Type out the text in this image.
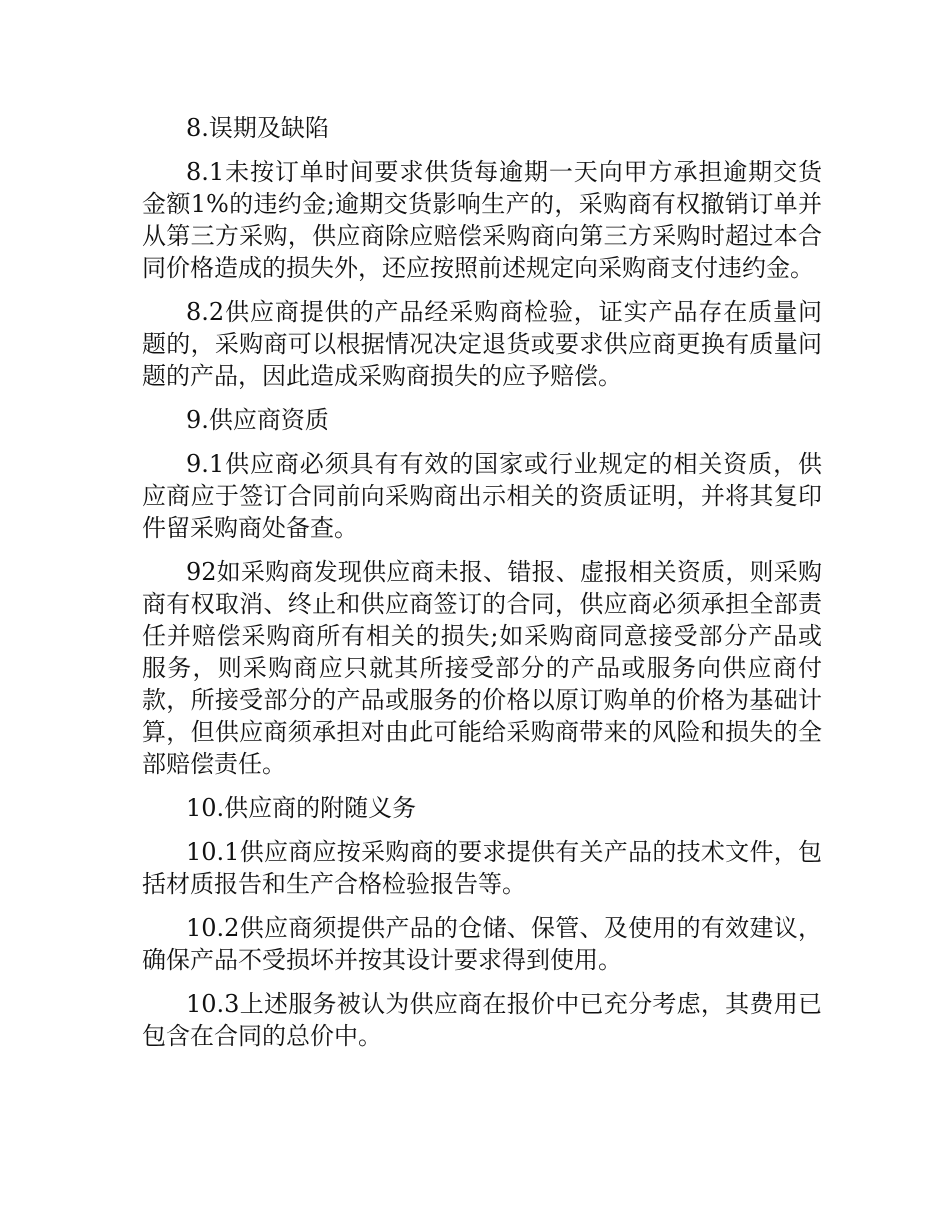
8.误期及缺陷

8.1未按订单时间要求供货每逾期一天向甲方承担逾期交货金额1%的违约金;逾期交货影响生产的，采购商有权撤销订单并从第三方采购，供应商除应赔偿采购商向第三方采购时超过本合同价格造成的损失外，还应按照前述规定向采购商支付违约金。

8.2供应商提供的产品经采购商检验，证实产品存在质量问题的，采购商可以根据情况决定退货或要求供应商更换有质量问题的产品，因此造成采购商损失的应予赔偿。

9.供应商资质

9.1供应商必须具有有效的国家或行业规定的相关资质，供应商应于签订合同前向采购商出示相关的资质证明，并将其复印件留采购商处备查。

92如采购商发现供应商未报、错报、虚报相关资质，则采购商有权取消、终止和供应商签订的合同，供应商必须承担全部责任并赔偿采购商所有相关的损失;如采购商同意接受部分产品或服务，则采购商应只就其所接受部分的产品或服务向供应商付款，所接受部分的产品或服务的价格以原订购单的价格为基础计算，但供应商须承担对由此可能给采购商带来的风险和损失的全部赔偿责任。

10.供应商的附随义务

10.1供应商应按采购商的要求提供有关产品的技术文件，包括材质报告和生产合格检验报告等。

10.2供应商须提供产品的仓储、保管、及使用的有效建议，确保产品不受损坏并按其设计要求得到使用。

10.3上述服务被认为供应商在报价中已充分考虑，其费用已包含在合同的总价中。
